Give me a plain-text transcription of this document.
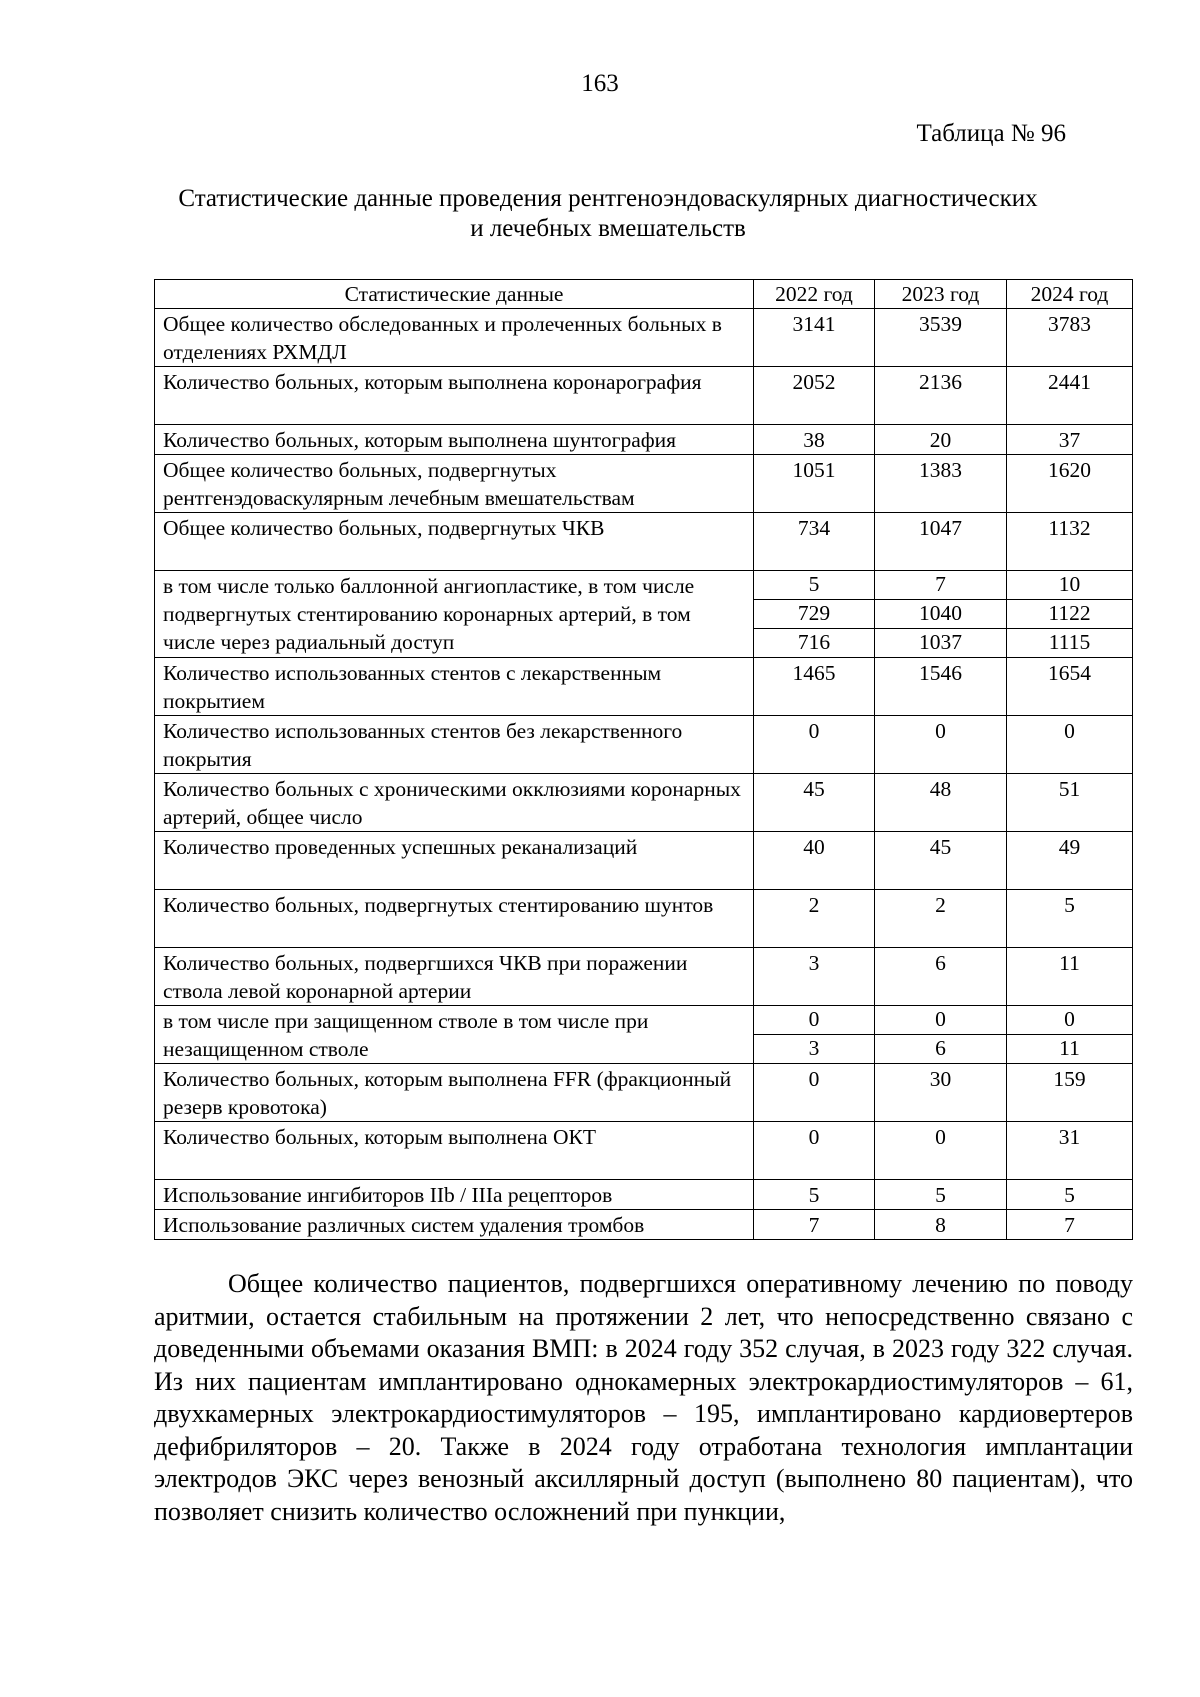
163
Таблица № 96
Статистические данные проведения рентгеноэндоваскулярных диагностических
и лечебных вмешательств
Статистические данные	2022 год	2023 год	2024 год
Общее количество обследованных и пролеченных больных в отделениях РХМДЛ	3141	3539	3783
Количество больных, которым выполнена коронарография	2052	2136	2441
Количество больных, которым выполнена шунтография	38	20	37
Общее количество больных, подвергнутых рентгенэдоваскулярным лечебным вмешательствам	1051	1383	1620
Общее количество больных, подвергнутых ЧКВ	734	1047	1132
в том числе только баллонной ангиопластике, в том числе подвергнутых стентированию коронарных артерий, в том числе через радиальный доступ	5	7	10
	729	1040	1122
	716	1037	1115
Количество использованных стентов с лекарственным покрытием	1465	1546	1654
Количество использованных стентов без лекарственного покрытия	0	0	0
Количество больных с хроническими окклюзиями коронарных артерий, общее число	45	48	51
Количество проведенных успешных реканализаций	40	45	49
Количество больных, подвергнутых стентированию шунтов	2	2	5
Количество больных, подвергшихся ЧКВ при поражении ствола левой коронарной артерии	3	6	11
в том числе при защищенном стволе в том числе при незащищенном стволе	0	0	0
	3	6	11
Количество больных, которым выполнена FFR (фракционный резерв кровотока)	0	30	159
Количество больных, которым выполнена ОКТ	0	0	31
Использование ингибиторов IIb / IIIa рецепторов	5	5	5
Использование различных систем удаления тромбов	7	8	7
Общее количество пациентов, подвергшихся оперативному лечению по поводу аритмии, остается стабильным на протяжении 2 лет, что непосредственно связано с доведенными объемами оказания ВМП: в 2024 году 352 случая, в 2023 году 322 случая. Из них пациентам имплантировано однокамерных электрокардиостимуляторов – 61, двухкамерных электрокардиостимуляторов – 195, имплантировано кардиовертеров дефибриляторов – 20. Также в 2024 году отработана технология имплантации электродов ЭКС через венозный аксиллярный доступ (выполнено 80 пациентам), что позволяет снизить количество осложнений при пункции,
